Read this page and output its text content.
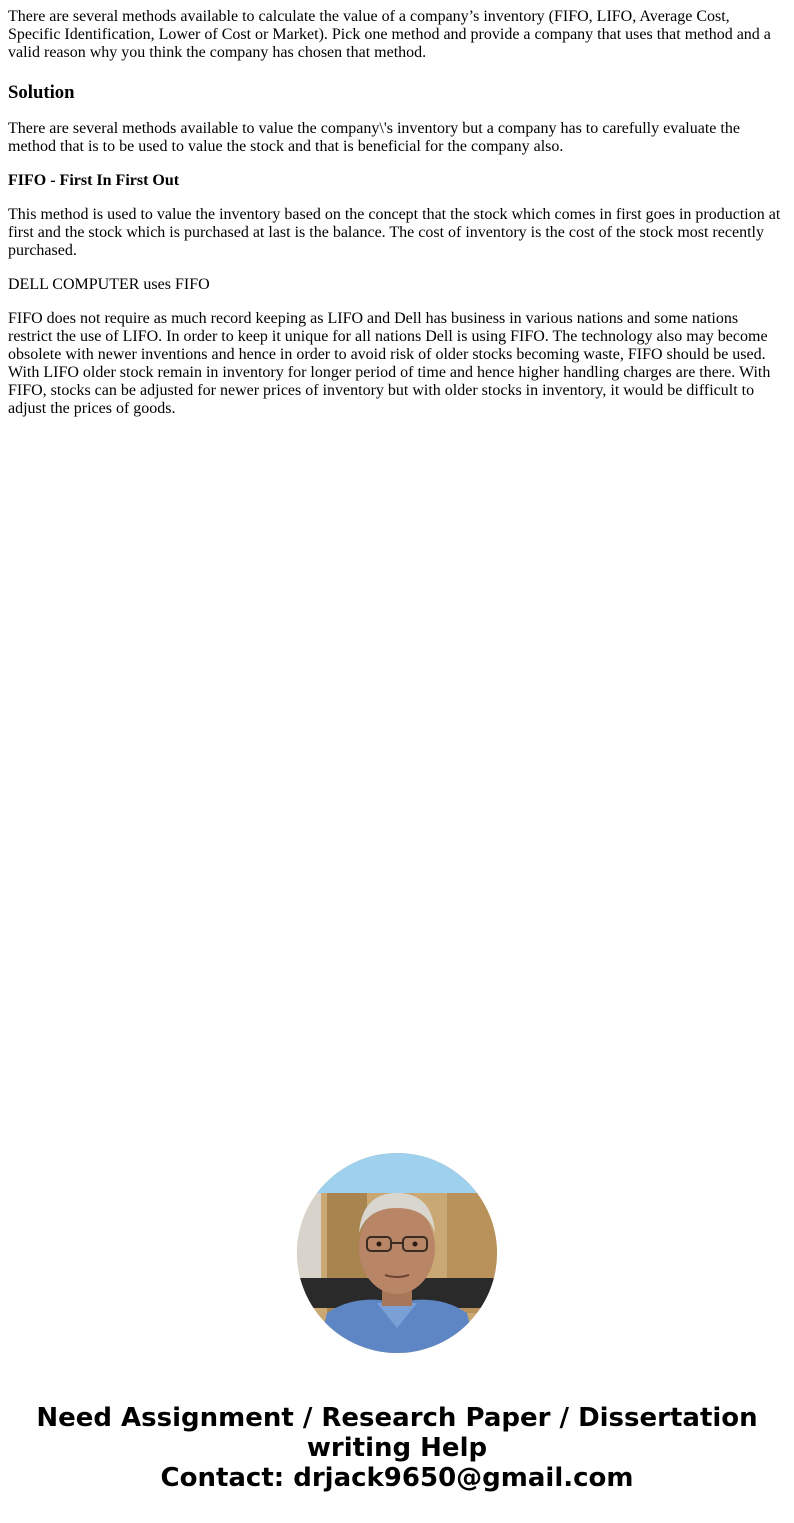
There are several methods available to calculate the value of a company’s inventory (FIFO, LIFO, Average Cost, Specific Identification, Lower of Cost or Market). Pick one method and provide a company that uses that method and a valid reason why you think the company has chosen that method.

Solution

There are several methods available to value the company\'s inventory but a company has to carefully evaluate the method that is to be used to value the stock and that is beneficial for the company also.

FIFO - First In First Out

This method is used to value the inventory based on the concept that the stock which comes in first goes in production at first and the stock which is purchased at last is the balance. The cost of inventory is the cost of the stock most recently purchased.

DELL COMPUTER uses FIFO

FIFO does not require as much record keeping as LIFO and Dell has business in various nations and some nations restrict the use of LIFO. In order to keep it unique for all nations Dell is using FIFO. The technology also may become obsolete with newer inventions and hence in order to avoid risk of older stocks becoming waste, FIFO should be used. With LIFO older stock remain in inventory for longer period of time and hence higher handling charges are there. With FIFO, stocks can be adjusted for newer prices of inventory but with older stocks in inventory, it would be difficult to adjust the prices of goods.

Need Assignment / Research Paper / Dissertation
writing Help
Contact: drjack9650@gmail.com
